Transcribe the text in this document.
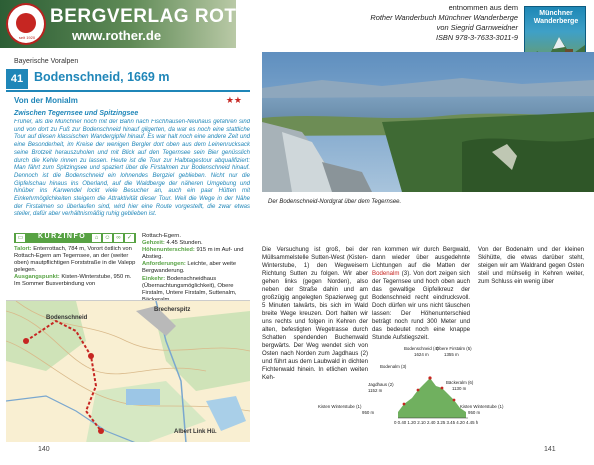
seit 1920
BERGVERLAG ROTHER
www.rother.de
entnommen aus dem
Rother Wanderbuch Münchner Wanderberge
von Siegrid Garnweidner
ISBN 978-3-7633-3011-9
Münchner Wanderberge
Bayerische Voralpen
41 Bodenschneid, 1669 m
Von der Monialm	★★
Zwischen Tegernsee und Spitzingsee
Früher, als die Münchner noch mit der Bahn nach Fischhausen-Neuhaus gefahren sind und von dort zu Fuß zur Bodenschneid hinauf gilgerten, da war es noch eine stattliche Tour auf diesen klassischen Wandergipfel hinauf. Es war halt noch eine andere Zeit und eine Besonderheit, im Kreise der wenigen Bergler dort oben aus dem Leinenrucksack seine Brotzeit herauszuholen und mit Blick auf den Tegernsee sein Bier genüsslich durch die Kehle rinnen zu lassen. Heute ist die Tour zur Halbtagestour abqualifiziert: Man fährt zum Spitzingsee und spaziert über die Firstalmen zur Bodenschneid hinauf. Dennoch ist die Bodenschneid ein lohnendes Bergziel geblieben. Nicht nur die Gipfelschau hinaus ins Oberland, auf die Waldberge der näheren Umgebung und hinüber ins Karwendel lockt viele Besucher an, auch ein paar Hütten mit Einkehrmöglichkeiten steigern die Attraktivität dieser Tour. Weil die Wege in der Nähe der Firstalmen so überlaufen sind, wird hier eine Route vorgestellt, die zwar etwas steiler, dafür aber verhältnismäßig ruhig geblieben ist.
KURZINFO
▭	⌂	☺ ∞	✓
Talort: Enterrottach, 784 m, Vorort östlich von Rottach-Egern am Tegernsee, an der (weiter oben) mautpflichtigen Forststraße in die Valepp gelegen.
Ausgangspunkt: Kisten-Winterstube, 950 m. Im Sommer Busverbindung von
Rottach-Egern.
Gehzeit: 4.45 Stunden.
Höhenunterschied: 915 m im Auf- und Abstieg.
Anforderungen: Leichte, aber weite Bergwanderung.
Einkehr: Bodenschneidhaus (Übernachtungsmöglichkeit), Obere Firstalm, Untere Firstalm, Suttenalm,
Bodenschneid
Brecherspitz
Albert Link Hü.
140
Der Bodenschneid-Nordgrat über dem Tegernsee.
Die Versuchung ist groß, bei der Müllsammelstelle Sutten-West (Kisten-Winterstube, 1) den Wegweisern Richtung Sutten zu folgen. Wir aber gehen links (gegen Norden), also neben der Straße dahin und am großzügig angelegten Spazierweg gut 5 Minuten talwärts, bis sich im Wald breite Wege kreuzen. Dort halten wir uns rechts und folgen in Kehren der alten, befestigten Wegetrasse durch Schatten spendenden Buchenwald bergwärts. Der Weg wendet sich von Osten nach Norden zum Jagdhaus (2) und führt aus dem Laubwald in dichten Fichtenwald hinein. In etlichen weiten Keh-
ren kommen wir durch Bergwald, dann wieder über ausgedehnte Lichtungen auf die Matten der Bodenalm (3). Von dort zeigen sich der Tegernsee und hoch oben auch das gewaltige Gipfelkreuz der Bodenschneid recht eindrucksvoll. Doch dürfen wir uns nicht täuschen lassen: Der Höhenunterschied beträgt noch rund 300 Meter und das bedeutet noch eine knappe Stunde Aufstiegszeit.
Von der Bodenalm und der kleinen Skihütte, die etwas darüber steht, steigen wir am Waldrand gegen Osten steil und mühselig in Kehren weiter, zum Schluss ein wenig über
Bodenschneid (4)
1624 m
Obere Firstalm (5)
1355 m
Bodenalm (3)
Jagdhaus (2)
1152 m
Bäckeralm (6)
1130 m
Kisten Winterstube (1)
950 m
Kisten Winterstube (1)
950 m
0 0.40 1.20 2.10 2.40 3.25 3.45 4.20 4.45 h
141
